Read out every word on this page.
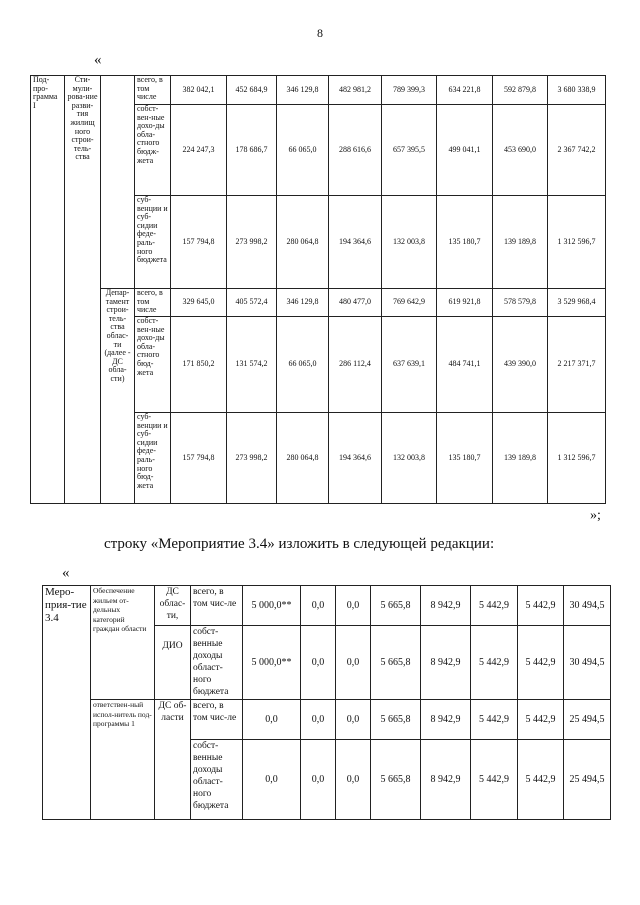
8
«
Под-про-грамма I	Сти-мули-рова-ние разви-тия жилищ ного строи-тель-ства		всего, в том числе	382 042,1	452 684,9	346 129,8	482 981,2	789 399,3	634 221,8	592 879,8	3 680 338,9
			собст-вен-ные дохо-ды обла-стного бюдж-жета	224 247,3	178 686,7	66 065,0	288 616,6	657 395,5	499 041,1	453 690,0	2 367 742,2
			суб-венции и суб-сидии феде-раль-ного бюджета	157 794,8	273 998,2	280 064,8	194 364,6	132 003,8	135 180,7	139 189,8	1 312 596,7
		Депар-тамент строи-тель-ства облас-ти (далее - ДС обла-сти)	всего, в том числе	329 645,0	405 572,4	346 129,8	480 477,0	769 642,9	619 921,8	578 579,8	3 529 968,4
			собст-вен-ные дохо-ды обла-стного бюд-жета	171 850,2	131 574,2	66 065,0	286 112,4	637 639,1	484 741,1	439 390,0	2 217 371,7
			суб-венции и суб-сидии феде-раль-ного бюд-жета	157 794,8	273 998,2	280 064,8	194 364,6	132 003,8	135 180,7	139 189,8	1 312 596,7
»;
строку «Мероприятие 3.4» изложить в следующей редакции:
«
Меро-прия-тие 3.4	Обеспечение жильем от-дельных категорий граждан области	ДС облас-ти,	всего, в том чис-ле	5 000,0**	0,0	0,0	5 665,8	8 942,9	5 442,9	5 442,9	30 494,5
		ДИО	собст-венные доходы област-ного бюджета	5 000,0**	0,0	0,0	5 665,8	8 942,9	5 442,9	5 442,9	30 494,5
	ответствен-ный испол-нитель под-программы 1	ДС об-ласти	всего, в том чис-ле	0,0	0,0	0,0	5 665,8	8 942,9	5 442,9	5 442,9	25 494,5
			собст-венные доходы област-ного бюджета	0,0	0,0	0,0	5 665,8	8 942,9	5 442,9	5 442,9	25 494,5
